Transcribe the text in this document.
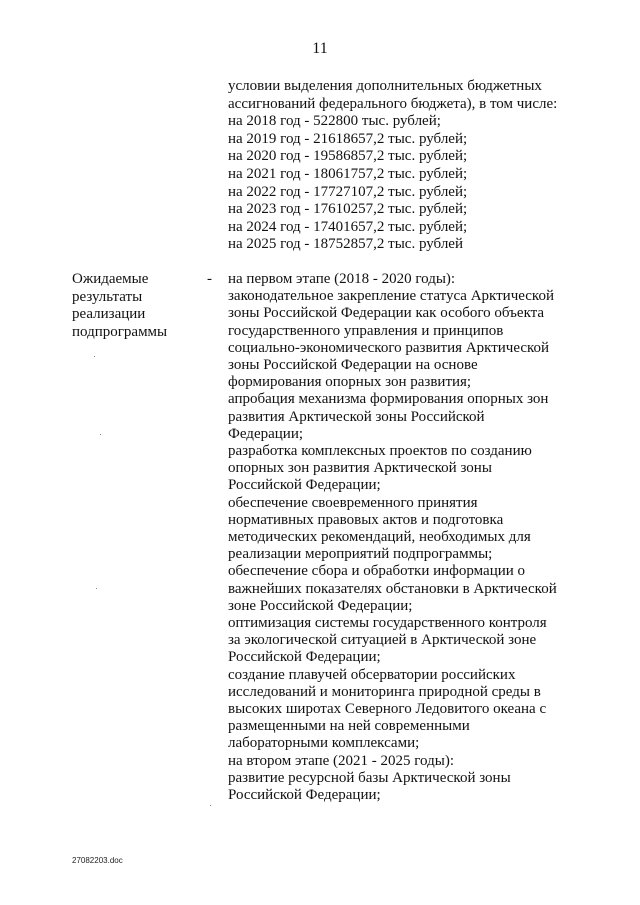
11
условии выделения дополнительных бюджетных
ассигнований федерального бюджета), в том числе:
на 2018 год - 522800 тыс. рублей;
на 2019 год - 21618657,2 тыс. рублей;
на 2020 год - 19586857,2 тыс. рублей;
на 2021 год - 18061757,2 тыс. рублей;
на 2022 год - 17727107,2 тыс. рублей;
на 2023 год - 17610257,2 тыс. рублей;
на 2024 год - 17401657,2 тыс. рублей;
на 2025 год - 18752857,2 тыс. рублей
Ожидаемые
результаты
реализации
подпрограммы
- на первом этапе (2018 - 2020 годы):
законодательное закрепление статуса Арктической
зоны Российской Федерации как особого объекта
государственного управления и принципов
социально-экономического развития Арктической
зоны Российской Федерации на основе
формирования опорных зон развития;
апробация механизма формирования опорных зон
развития Арктической зоны Российской
Федерации;
разработка комплексных проектов по созданию
опорных зон развития Арктической зоны
Российской Федерации;
обеспечение своевременного принятия
нормативных правовых актов и подготовка
методических рекомендаций, необходимых для
реализации мероприятий подпрограммы;
обеспечение сбора и обработки информации о
важнейших показателях обстановки в Арктической
зоне Российской Федерации;
оптимизация системы государственного контроля
за экологической ситуацией в Арктической зоне
Российской Федерации;
создание плавучей обсерватории российских
исследований и мониторинга природной среды в
высоких широтах Северного Ледовитого океана с
размещенными на ней современными
лабораторными комплексами;
на втором этапе (2021 - 2025 годы):
развитие ресурсной базы Арктической зоны
Российской Федерации;
27082203.doc
